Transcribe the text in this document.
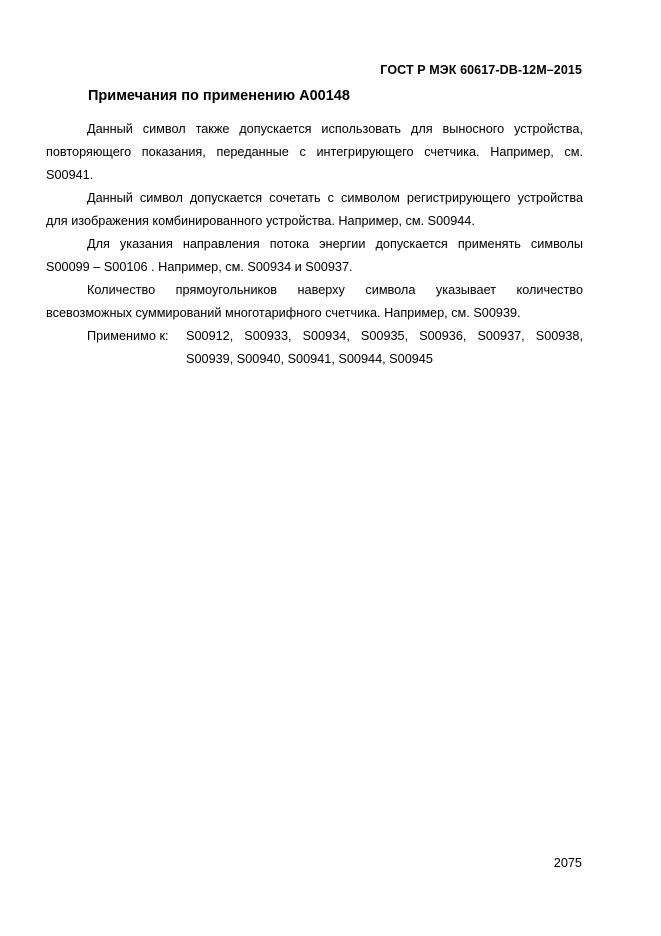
ГОСТ Р МЭК 60617-DB-12M–2015
Примечания по применению A00148

Данный символ также допускается использовать для выносного устройства, повторяющего показания, переданные с интегрирующего счетчика. Например, см. S00941.

Данный символ допускается сочетать с символом регистрирующего устройства для изображения комбинированного устройства. Например, см. S00944.

Для указания направления потока энергии допускается применять символы S00099 – S00106 . Например, см. S00934 и S00937.

Количество прямоугольников наверху символа указывает количество всевозможных суммирований многотарифного счетчика. Например, см. S00939.

Применимо к:	S00912, S00933, S00934, S00935, S00936, S00937, S00938, S00939, S00940, S00941, S00944, S00945
2075
